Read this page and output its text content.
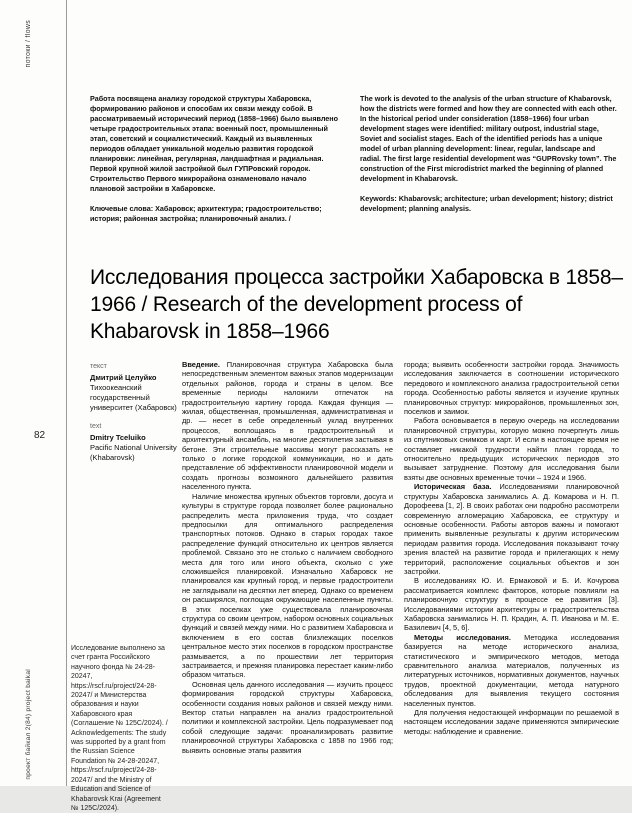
потоки / flows
82
проект байкал 2(84) project baikal

Работа посвящена анализу городской структуры Хабаровска, формированию районов и способам их связи между собой. В рассматриваемый исторический период (1858–1966) было выявлено четыре градостроительных этапа: военный пост, промышленный этап, советский и социалистический. Каждый из выявленных периодов обладает уникальной моделью развития городской планировки: линейная, регулярная, ландшафтная и радиальная. Первой крупной жилой застройкой был ГУПРовский городок. Строительство Первого микрорайона ознаменовало начало плановой застройки в Хабаровске.

Ключевые слова: Хабаровск; архитектура; градостроительство; история; районная застройка; планировочный анализ. /

The work is devoted to the analysis of the urban structure of Khabarovsk, how the districts were formed and how they are connected with each other. In the historical period under consideration (1858–1966) four urban development stages were identified: military outpost, industrial stage, Soviet and socialist stages. Each of the identified periods has a unique model of urban planning development: linear, regular, landscape and radial. The first large residential development was “GUPRovsky town”. The construction of the First microdistrict marked the beginning of planned development in Khabarovsk.

Keywords: Khabarovsk; architecture; urban development; history; district development; planning analysis.

Исследования процесса застройки Хабаровска в 1858–1966 / Research of the development process of Khabarovsk in 1858–1966
текст
Дмитрий Целуйко
Тихоокеанский государственный университет (Хабаровск)
text
Dmitry Tceluiko
Pacific National University (Khabarovsk)
Исследование выполнено за счет гранта Российского научного фонда № 24-28-20247, https://rscf.ru/project/24-28-20247/ и Министерства образования и науки Хабаровского края (Соглашение № 125С/2024). / Acknowledgements: The study was supported by a grant from the Russian Science Foundation № 24-28-20247, https://rscf.ru/project/24-28-20247/ and the Ministry of Education and Science of Khabarovsk Krai (Agreement № 125С/2024).

Введение. Планировочная структура Хабаровска была непосредственным элементом важных этапов модернизации отдельных районов, города и страны в целом. Все временные периоды наложили отпечаток на градостроительную картину города. Каждая функция — жилая, общественная, промышленная, административная и др. — несет в себе определенный уклад внутренних процессов, воплощаясь в градостроительный и архитектурный ансамбль, на многие десятилетия застывая в бетоне. Эти строительные массивы могут рассказать не только о логике городской коммуникации, но и дать представление об эффективности планировочной модели и создать прогнозы возможного дальнейшего развития населенного пункта.

Наличие множества крупных объектов торговли, досуга и культуры в структуре города позволяет более рационально распределить места приложения труда, что создает предпосылки для оптимального распределения транспортных потоков. Однако в старых городах такое распределение функций относительно их центров является проблемой. Связано это не столько с наличием свободного места для того или иного объекта, сколько с уже сложившейся планировкой. Изначально Хабаровск не планировался как крупный город, и первые градостроители не заглядывали на десятки лет вперед. Однако со временем он расширялся, поглощая окружающие населенные пункты. В этих поселках уже существовала планировочная структура со своим центром, набором основных социальных функций и связей между ними. Но с развитием Хабаровска и включением в его состав близлежащих поселков центральное место этих поселков в городском пространстве размывается, а по прошествии лет территория застраивается, и прежняя планировка перестает каким-либо образом читаться.

Основная цель данного исследования — изучить процесс формирования городской структуры Хабаровска, особенности создания новых районов и связей между ними. Вектор статьи направлен на анализ градостроительной политики и комплексной застройки. Цель подразумевает под собой следующие задачи: проанализировать развитие планировочной структуры Хабаровска с 1858 по 1966 год; выявить основные этапы развития

города; выявить особенности застройки города. Значимость исследования заключается в соотношении исторического передового и комплексного анализа градостроительной сетки города. Особенностью работы является и изучение крупных планировочных структур: микрорайонов, промышленных зон, поселков и заимок.

Работа основывается в первую очередь на исследовании планировочной структуры, которую можно почерпнуть лишь из спутниковых снимков и карт. И если в настоящее время не составляет никакой трудности найти план города, то относительно предыдущих исторических периодов это вызывает затруднение. Поэтому для исследования были взяты две основных временные точки – 1924 и 1966.

Историческая база. Исследованиями планировочной структуры Хабаровска занимались А. Д. Комарова и Н. П. Дорофеева [1, 2]. В своих работах они подробно рассмотрели современную агломерацию Хабаровска, ее структуру и основные особенности. Работы авторов важны и помогают применить выявленные результаты к другим историческим периодам развития города. Исследования показывают точку зрения властей на развитие города и прилегающих к нему территорий, расположение социальных объектов и зон застройки.

В исследованиях Ю. И. Ермаковой и Б. И. Кочурова рассматривается комплекс факторов, которые повлияли на планировочную структуру в процессе ее развития [3]. Исследованиями истории архитектуры и градостроительства Хабаровска занимались Н. П. Крадин, А. П. Иванова и М. Е. Базилевич [4, 5, 6].

Методы исследования. Методика исследования базируется на методе исторического анализа, статистического и эмпирического методов, метода сравнительного анализа материалов, полученных из литературных источников, нормативных документов, научных трудов, проектной документации, метода натурного обследования для выявления текущего состояния населенных пунктов.

Для получения недостающей информации по решаемой в настоящем исследовании задаче применяются эмпирические методы: наблюдение и сравнение.
